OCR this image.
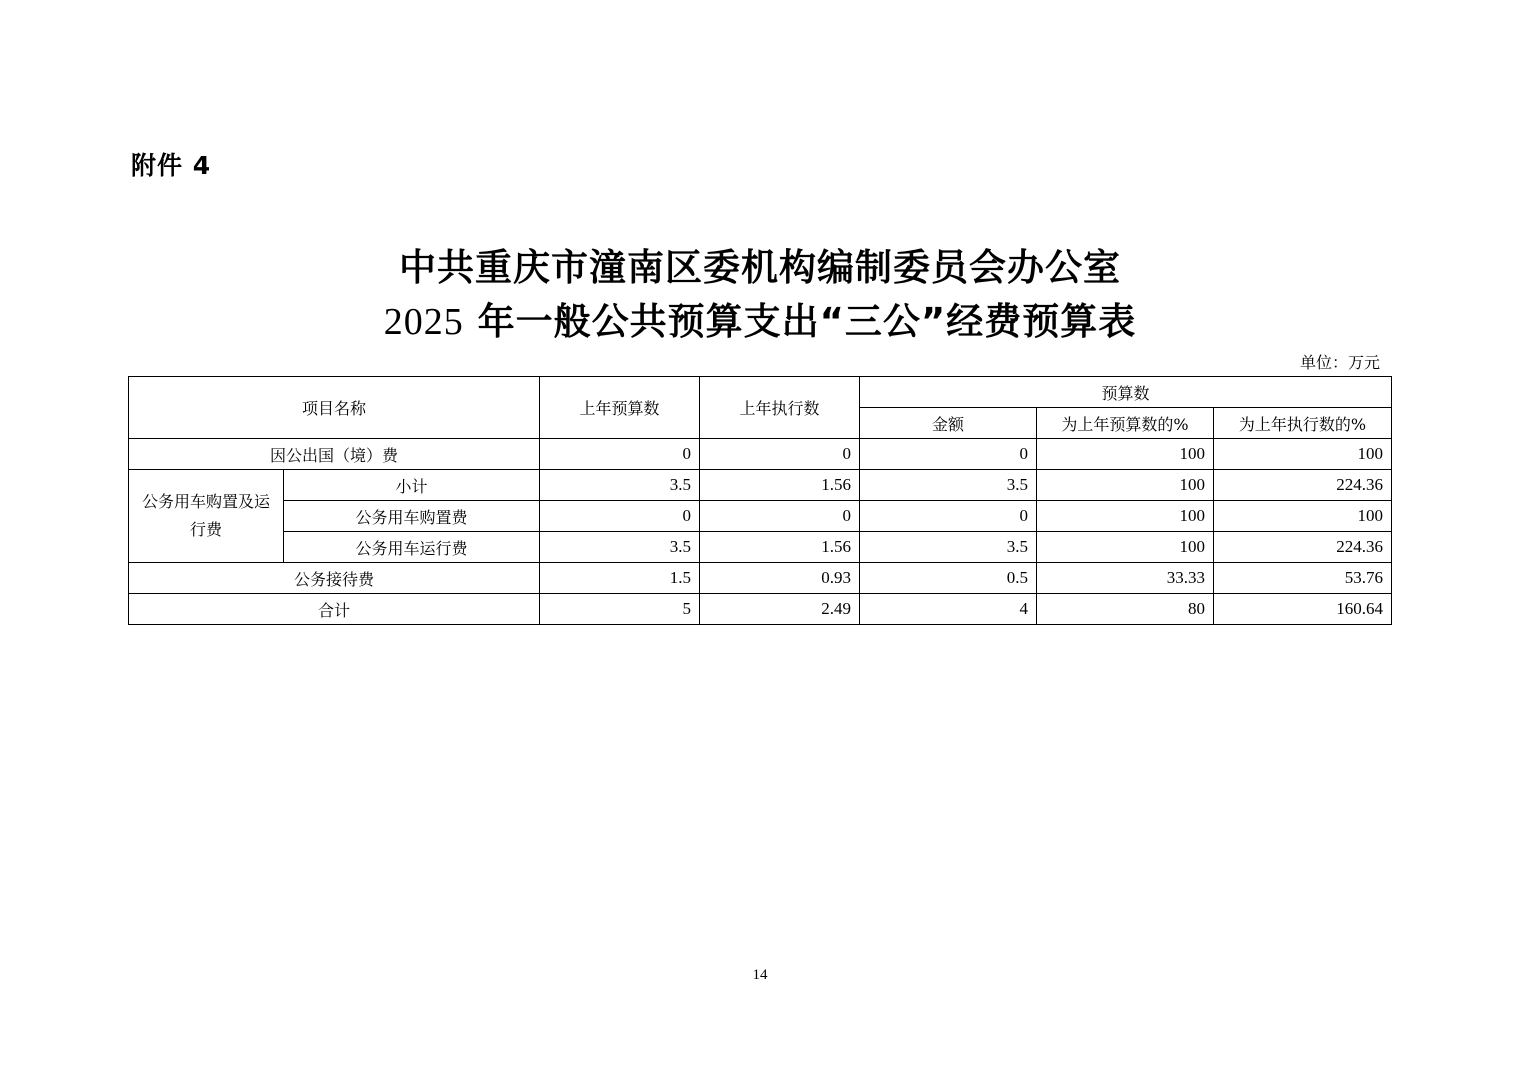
附件 4
中共重庆市潼南区委机构编制委员会办公室
2025 年一般公共预算支出“三公”经费预算表
单位：万元
项目名称		上年预算数	上年执行数	预算数		
				金额	为上年预算数的%	为上年执行数的%
因公出国（境）费		0	0	0	100	100
公务用车购置及运行费	小计	3.5	1.56	3.5	100	224.36
	公务用车购置费	0	0	0	100	100
	公务用车运行费	3.5	1.56	3.5	100	224.36
公务接待费		1.5	0.93	0.5	33.33	53.76
合计		5	2.49	4	80	160.64
14
